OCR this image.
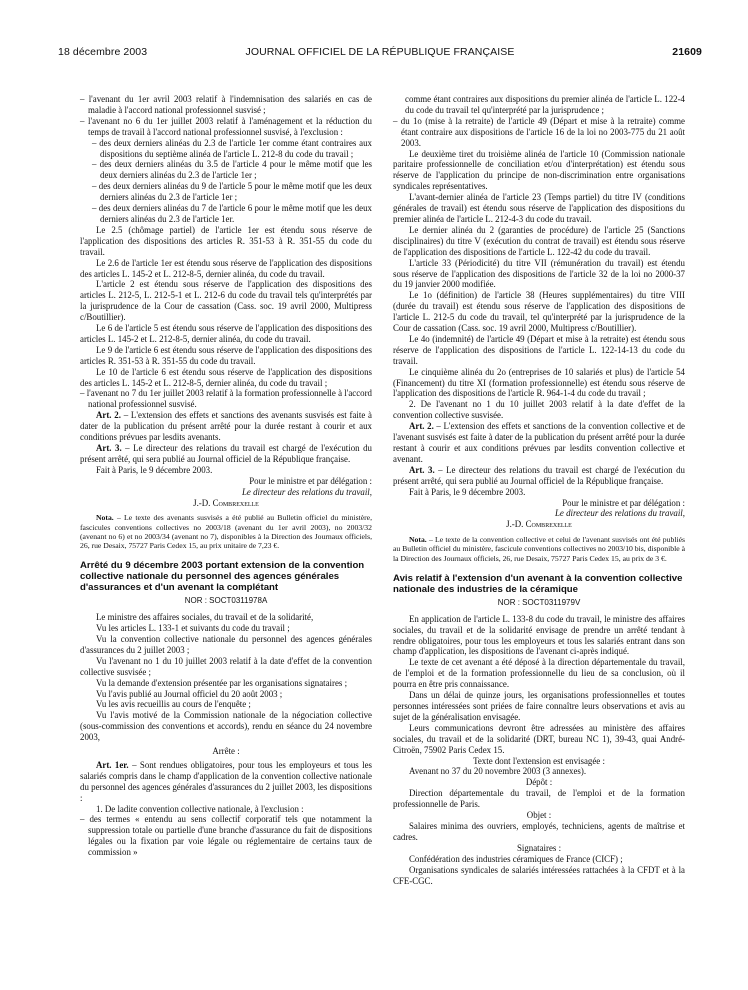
18 décembre 2003	JOURNAL OFFICIEL DE LA RÉPUBLIQUE FRANÇAISE	21609

– l'avenant du 1er avril 2003 relatif à l'indemnisation des salariés en cas de maladie à l'accord national professionnel susvisé ;

– l'avenant no 6 du 1er juillet 2003 relatif à l'aménagement et la réduction du temps de travail à l'accord national professionnel susvisé, à l'exclusion :

– des deux derniers alinéas du 2.3 de l'article 1er comme étant contraires aux dispositions du septième alinéa de l'article L. 212-8 du code du travail ;

– des deux derniers alinéas du 3.5 de l'article 4 pour le même motif que les deux derniers alinéas du 2.3 de l'article 1er ;

– des deux derniers alinéas du 9 de l'article 5 pour le même motif que les deux derniers alinéas du 2.3 de l'article 1er ;

– des deux derniers alinéas du 7 de l'article 6 pour le même motif que les deux derniers alinéas du 2.3 de l'article 1er.

Le 2.5 (chômage partiel) de l'article 1er est étendu sous réserve de l'application des dispositions des articles R. 351-53 à R. 351-55 du code du travail.

Le 2.6 de l'article 1er est étendu sous réserve de l'application des dispositions des articles L. 145-2 et L. 212-8-5, dernier alinéa, du code du travail.

L'article 2 est étendu sous réserve de l'application des dispositions des articles L. 212-5, L. 212-5-1 et L. 212-6 du code du travail tels qu'interprétés par la jurisprudence de la Cour de cassation (Cass. soc. 19 avril 2000, Multipress c/Boutillier).

Le 6 de l'article 5 est étendu sous réserve de l'application des dispositions des articles L. 145-2 et L. 212-8-5, dernier alinéa, du code du travail.

Le 9 de l'article 6 est étendu sous réserve de l'application des dispositions des articles R. 351-53 à R. 351-55 du code du travail.

Le 10 de l'article 6 est étendu sous réserve de l'application des dispositions des articles L. 145-2 et L. 212-8-5, dernier alinéa, du code du travail ;

– l'avenant no 7 du 1er juillet 2003 relatif à la formation professionnelle à l'accord national professionnel susvisé.

Art. 2. – L'extension des effets et sanctions des avenants susvisés est faite à dater de la publication du présent arrêté pour la durée restant à courir et aux conditions prévues par lesdits avenants.

Art. 3. – Le directeur des relations du travail est chargé de l'exécution du présent arrêté, qui sera publié au Journal officiel de la République française.

Fait à Paris, le 9 décembre 2003.

Pour le ministre et par délégation :

Le directeur des relations du travail,

J.-D. Combrexelle

Nota. – Le texte des avenants susvisés a été publié au Bulletin officiel du ministère, fascicules conventions collectives no 2003/18 (avenant du 1er avril 2003), no 2003/32 (avenant no 6) et no 2003/34 (avenant no 7), disponibles à la Direction des Journaux officiels, 26, rue Desaix, 75727 Paris Cedex 15, au prix unitaire de 7,23 €.

Arrêté du 9 décembre 2003 portant extension de la convention collective nationale du personnel des agences générales d'assurances et d'un avenant la complétant

NOR : SOCT0311978A

Le ministre des affaires sociales, du travail et de la solidarité,

Vu les articles L. 133-1 et suivants du code du travail ;

Vu la convention collective nationale du personnel des agences générales d'assurances du 2 juillet 2003 ;

Vu l'avenant no 1 du 10 juillet 2003 relatif à la date d'effet de la convention collective susvisée ;

Vu la demande d'extension présentée par les organisations signataires ;

Vu l'avis publié au Journal officiel du 20 août 2003 ;

Vu les avis recueillis au cours de l'enquête ;

Vu l'avis motivé de la Commission nationale de la négociation collective (sous-commission des conventions et accords), rendu en séance du 24 novembre 2003,

Arrête :

Art. 1er. – Sont rendues obligatoires, pour tous les employeurs et tous les salariés compris dans le champ d'application de la convention collective nationale du personnel des agences générales d'assurances du 2 juillet 2003, les dispositions :

1. De ladite convention collective nationale, à l'exclusion :

– des termes « entendu au sens collectif corporatif tels que notamment la suppression totale ou partielle d'une branche d'assurance du fait de dispositions légales ou la fixation par voie légale ou réglementaire de certains taux de commission »

comme étant contraires aux dispositions du premier alinéa de l'article L. 122-4 du code du travail tel qu'interprété par la jurisprudence ;

– du 1o (mise à la retraite) de l'article 49 (Départ et mise à la retraite) comme étant contraire aux dispositions de l'article 16 de la loi no 2003-775 du 21 août 2003.

Le deuxième tiret du troisième alinéa de l'article 10 (Commission nationale paritaire professionnelle de conciliation et/ou d'interprétation) est étendu sous réserve de l'application du principe de non-discrimination entre organisations syndicales représentatives.

L'avant-dernier alinéa de l'article 23 (Temps partiel) du titre IV (conditions générales de travail) est étendu sous réserve de l'application des dispositions du premier alinéa de l'article L. 212-4-3 du code du travail.

Le dernier alinéa du 2 (garanties de procédure) de l'article 25 (Sanctions disciplinaires) du titre V (exécution du contrat de travail) est étendu sous réserve de l'application des dispositions de l'article L. 122-42 du code du travail.

L'article 33 (Périodicité) du titre VII (rémunération du travail) est étendu sous réserve de l'application des dispositions de l'article 32 de la loi no 2000-37 du 19 janvier 2000 modifiée.

Le 1o (définition) de l'article 38 (Heures supplémentaires) du titre VIII (durée du travail) est étendu sous réserve de l'application des dispositions de l'article L. 212-5 du code du travail, tel qu'interprété par la jurisprudence de la Cour de cassation (Cass. soc. 19 avril 2000, Multipress c/Boutillier).

Le 4o (indemnité) de l'article 49 (Départ et mise à la retraite) est étendu sous réserve de l'application des dispositions de l'article L. 122-14-13 du code du travail.

Le cinquième alinéa du 2o (entreprises de 10 salariés et plus) de l'article 54 (Financement) du titre XI (formation professionnelle) est étendu sous réserve de l'application des dispositions de l'article R. 964-1-4 du code du travail ;

2. De l'avenant no 1 du 10 juillet 2003 relatif à la date d'effet de la convention collective susvisée.

Art. 2. – L'extension des effets et sanctions de la convention collective et de l'avenant susvisés est faite à dater de la publication du présent arrêté pour la durée restant à courir et aux conditions prévues par lesdits convention collective et avenant.

Art. 3. – Le directeur des relations du travail est chargé de l'exécution du présent arrêté, qui sera publié au Journal officiel de la République française.

Fait à Paris, le 9 décembre 2003.

Pour le ministre et par délégation :

Le directeur des relations du travail,

J.-D. Combrexelle

Nota. – Le texte de la convention collective et celui de l'avenant susvisés ont été publiés au Bulletin officiel du ministère, fascicule conventions collectives no 2003/10 bis, disponible à la Direction des Journaux officiels, 26, rue Desaix, 75727 Paris Cedex 15, au prix de 3 €.

Avis relatif à l'extension d'un avenant à la convention collective nationale des industries de la céramique

NOR : SOCT0311979V

En application de l'article L. 133-8 du code du travail, le ministre des affaires sociales, du travail et de la solidarité envisage de prendre un arrêté tendant à rendre obligatoires, pour tous les employeurs et tous les salariés entrant dans son champ d'application, les dispositions de l'avenant ci-après indiqué.

Le texte de cet avenant a été déposé à la direction départementale du travail, de l'emploi et de la formation professionnelle du lieu de sa conclusion, où il pourra en être pris connaissance.

Dans un délai de quinze jours, les organisations professionnelles et toutes personnes intéressées sont priées de faire connaître leurs observations et avis au sujet de la généralisation envisagée.

Leurs communications devront être adressées au ministère des affaires sociales, du travail et de la solidarité (DRT, bureau NC 1), 39-43, quai André-Citroën, 75902 Paris Cedex 15.

Texte dont l'extension est envisagée :

Avenant no 37 du 20 novembre 2003 (3 annexes).

Dépôt :

Direction départementale du travail, de l'emploi et de la formation professionnelle de Paris.

Objet :

Salaires minima des ouvriers, employés, techniciens, agents de maîtrise et cadres.

Signataires :

Confédération des industries céramiques de France (CICF) ;

Organisations syndicales de salariés intéressées rattachées à la CFDT et à la CFE-CGC.
